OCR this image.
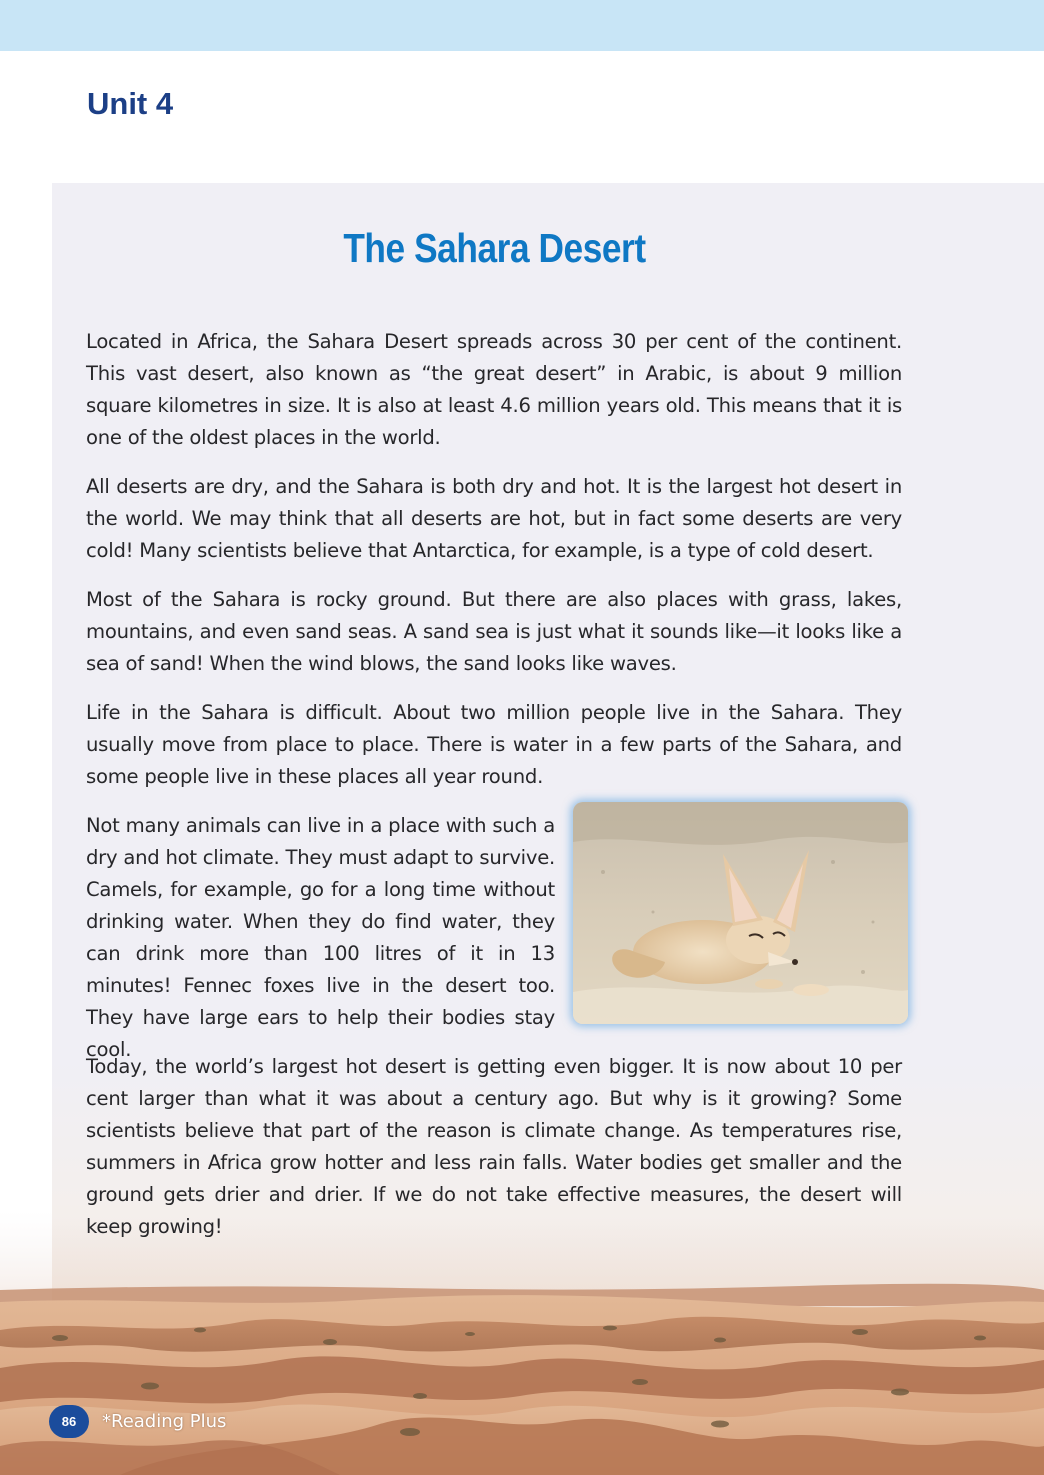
Unit 4
The Sahara Desert

Located in Africa, the Sahara Desert spreads across 30 per cent of the continent. This vast desert, also known as “the great desert” in Arabic, is about 9 million square kilometres in size. It is also at least 4.6 million years old. This means that it is one of the oldest places in the world.

All deserts are dry, and the Sahara is both dry and hot. It is the largest hot desert in the world. We may think that all deserts are hot, but in fact some deserts are very cold! Many scientists believe that Antarctica, for example, is a type of cold desert.

Most of the Sahara is rocky ground. But there are also places with grass, lakes, mountains, and even sand seas. A sand sea is just what it sounds like—it looks like a sea of sand! When the wind blows, the sand looks like waves.

Life in the Sahara is difficult. About two million people live in the Sahara. They usually move from place to place. There is water in a few parts of the Sahara, and some people live in these places all year round.

Not many animals can live in a place with such a dry and hot climate. They must adapt to survive. Camels, for example, go for a long time without drinking water. When they do find water, they can drink more than 100 litres of it in 13 minutes! Fennec foxes live in the desert too. They have large ears to help their bodies stay cool.

Today, the world’s largest hot desert is getting even bigger. It is now about 10 per cent larger than what it was about a century ago. But why is it growing? Some scientists believe that part of the reason is climate change. As temperatures rise, summers in Africa grow hotter and less rain falls. Water bodies get smaller and the ground gets drier and drier. If we do not take effective measures, the desert will keep growing!

86	*Reading Plus
